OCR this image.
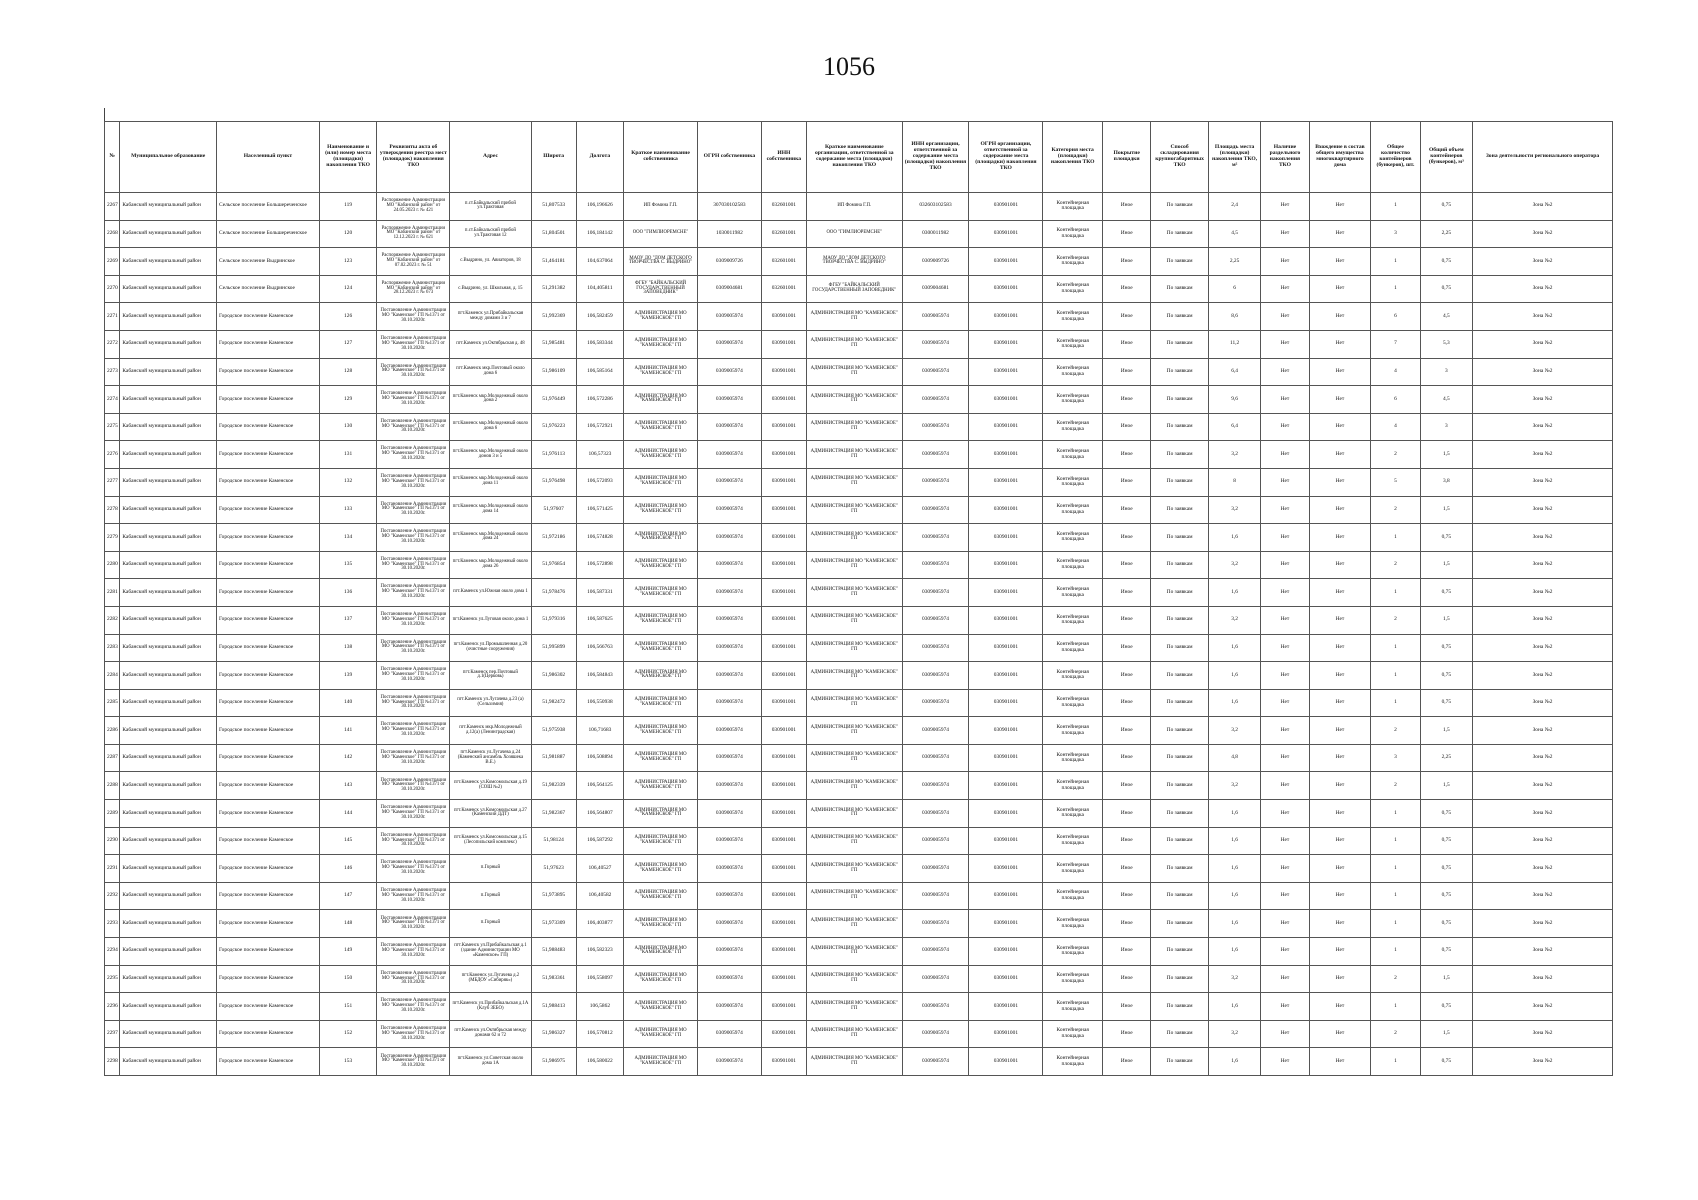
1056
№	Муниципальное образование	Населенный пункт	Наименование и (или) номер места (площадки) накопления ТКО	Реквизиты акта об утверждении реестра мест (площадок) накопления ТКО	Адрес	Широта	Долгота	Краткое наименование собственника	ОГРН собственника	ИНН собственника	Краткое наименование организации, ответственной за содержание места (площадки) накопления ТКО	ИНН организации, ответственной за содержание места (площадки) накопления ТКО	ОГРН организации, ответственной за содержание места (площадки) накопления ТКО	Категория места (площадки) накопления ТКО	Покрытие площадки	Способ складирования крупногабаритных ТКО	Площадь места (площадки) накопления ТКО, м²	Наличие раздельного накопления ТКО	Вхождение в состав общего имущества многоквартирного дома	Общее количество контейнеров (бункеров), шт.	Общий объем контейнеров (бункеров), м³	Зона деятельности регионального оператора
2267	Кабанский муниципальный район	Сельское поселение Большереченское	119	Распоряжение Администрации МО "Кабанский район" от 24.05.2023 г. № 421	п.ст.Байкальский прибой ул.Трактовая	51,807533	106,196626	ИП Фомина Г.П.	307030102583	032601001	ИП Фомина Г.П.	032603102583	030901001	Контейнерная площадка	Иное	По заявкам	2,4	Нет	Нет	1	0,75	Зона №2
2268	Кабанский муниципальный район	Сельское поселение Большереченское	120	Распоряжение Администрации МО "Кабанский район" от 12.12.2023 г. № 621	п.ст.Байкальский прибой ул.Трактовая 12	51,804501	106,184142	ООО "ГИМЛИОРЕМСНЕ"	1030011982	032601001	ООО "ГИМЛИОРЕМСНЕ"	0300011982	030901001	Контейнерная площадка	Иное	По заявкам	4,5	Нет	Нет	3	2,25	Зона №2
2269	Кабанский муниципальный район	Сельское поселение Выдринское	123	Распоряжение Администрации МО "Кабанский район" от 07.02.2023 г. № 51	с.Выдрино, ул. Авиаторов, 18	51,464181	104,637064	МАОУ ДО "ДОМ ДЕТСКОГО ТВОРЧЕСТВА С. ВЫДРИНО"	0309009726	032601001	МАОУ ДО "ДОМ ДЕТСКОГО ТВОРЧЕСТВА С. ВЫДРИНО"	0309009726	030901001	Контейнерная площадка	Иное	По заявкам	2,25	Нет	Нет	1	0,75	Зона №2
2270	Кабанский муниципальный район	Сельское поселение Выдринское	124	Распоряжение Администрации МО "Кабанский район" от 28.12.2023 г. № 673	с.Выдрино, ул. Школьная, д. 15	51,291382	104,405811	ФГБУ "БАЙКАЛЬСКИЙ ГОСУДАРСТВЕННЫЙ ЗАПОВЕДНИК"	0309004681	032601001	ФГБУ "БАЙКАЛЬСКИЙ ГОСУДАРСТВЕННЫЙ ЗАПОВЕДНИК"	0309004681	030901001	Контейнерная площадка	Иное	По заявкам	6	Нет	Нет	1	0,75	Зона №2
2271	Кабанский муниципальный район	Городское поселение Каменское	126	Постановление Администрации МО "Каменское" ГП №1371 от 30.10.2020г.	пгт.Каменск ул.Прибайкальская между домами 3 и 7	51,992369	106,582459	АДМИНИСТРАЦИЯ МО "КАМЕНСКОЕ" ГП	0309005974	030901001	АДМИНИСТРАЦИЯ МО "КАМЕНСКОЕ" ГП	0309005974	030901001	Контейнерная площадка	Иное	По заявкам	8,6	Нет	Нет	6	4,5	Зона №2
2272	Кабанский муниципальный район	Городское поселение Каменское	127	Постановление Администрации МО "Каменское" ГП №1371 от 30.10.2020г.	пгт.Каменск ул.Октябрьская д. 48	51,985481	106,583344	АДМИНИСТРАЦИЯ МО "КАМЕНСКОЕ" ГП	0309005974	030901001	АДМИНИСТРАЦИЯ МО "КАМЕНСКОЕ" ГП	0309005974	030901001	Контейнерная площадка	Иное	По заявкам	11,2	Нет	Нет	7	5,3	Зона №2
2273	Кабанский муниципальный район	Городское поселение Каменское	128	Постановление Администрации МО "Каменское" ГП №1371 от 30.10.2020г.	пгт.Каменск мкр.Почтовый около дома 6	51,986109	106,585164	АДМИНИСТРАЦИЯ МО "КАМЕНСКОЕ" ГП	0309005974	030901001	АДМИНИСТРАЦИЯ МО "КАМЕНСКОЕ" ГП	0309005974	030901001	Контейнерная площадка	Иное	По заявкам	6,4	Нет	Нет	4	3	Зона №2
2274	Кабанский муниципальный район	Городское поселение Каменское	129	Постановление Администрации МО "Каменское" ГП №1371 от 30.10.2020г.	пгт.Каменск мкр.Молодежный около дома 2	51,976449	106,572286	АДМИНИСТРАЦИЯ МО "КАМЕНСКОЕ" ГП	0309005974	030901001	АДМИНИСТРАЦИЯ МО "КАМЕНСКОЕ" ГП	0309005974	030901001	Контейнерная площадка	Иное	По заявкам	9,6	Нет	Нет	6	4,5	Зона №2
2275	Кабанский муниципальный район	Городское поселение Каменское	130	Постановление Администрации МО "Каменское" ГП №1371 от 30.10.2020г.	пгт.Каменск мкр.Молодежный около дома 6	51,976223	106,572921	АДМИНИСТРАЦИЯ МО "КАМЕНСКОЕ" ГП	0309005974	030901001	АДМИНИСТРАЦИЯ МО "КАМЕНСКОЕ" ГП	0309005974	030901001	Контейнерная площадка	Иное	По заявкам	6,4	Нет	Нет	4	3	Зона №2
2276	Кабанский муниципальный район	Городское поселение Каменское	131	Постановление Администрации МО "Каменское" ГП №1371 от 30.10.2020г.	пгт.Каменск мкр.Молодежный около домов 3 и 5	51,976113	106,57323	АДМИНИСТРАЦИЯ МО "КАМЕНСКОЕ" ГП	0309005974	030901001	АДМИНИСТРАЦИЯ МО "КАМЕНСКОЕ" ГП	0309005974	030901001	Контейнерная площадка	Иное	По заявкам	3,2	Нет	Нет	2	1,5	Зона №2
2277	Кабанский муниципальный район	Городское поселение Каменское	132	Постановление Администрации МО "Каменское" ГП №1371 от 30.10.2020г.	пгт.Каменск мкр.Молодежный около дома 11	51,976498	106,572093	АДМИНИСТРАЦИЯ МО "КАМЕНСКОЕ" ГП	0309005974	030901001	АДМИНИСТРАЦИЯ МО "КАМЕНСКОЕ" ГП	0309005974	030901001	Контейнерная площадка	Иное	По заявкам	8	Нет	Нет	5	3,8	Зона №2
2278	Кабанский муниципальный район	Городское поселение Каменское	133	Постановление Администрации МО "Каменское" ГП №1371 от 30.10.2020г.	пгт.Каменск мкр.Молодежный около дома 14	51,97607	106,571425	АДМИНИСТРАЦИЯ МО "КАМЕНСКОЕ" ГП	0309005974	030901001	АДМИНИСТРАЦИЯ МО "КАМЕНСКОЕ" ГП	0309005974	030901001	Контейнерная площадка	Иное	По заявкам	3,2	Нет	Нет	2	1,5	Зона №2
2279	Кабанский муниципальный район	Городское поселение Каменское	134	Постановление Администрации МО "Каменское" ГП №1371 от 30.10.2020г.	пгт.Каменск мкр.Молодежный около дома 24	51,972186	106,574828	АДМИНИСТРАЦИЯ МО "КАМЕНСКОЕ" ГП	0309005974	030901001	АДМИНИСТРАЦИЯ МО "КАМЕНСКОЕ" ГП	0309005974	030901001	Контейнерная площадка	Иное	По заявкам	1,6	Нет	Нет	1	0,75	Зона №2
2280	Кабанский муниципальный район	Городское поселение Каменское	135	Постановление Администрации МО "Каменское" ГП №1371 от 30.10.2020г.	пгт.Каменск мкр.Молодежный около дома 26	51,976854	106,572898	АДМИНИСТРАЦИЯ МО "КАМЕНСКОЕ" ГП	0309005974	030901001	АДМИНИСТРАЦИЯ МО "КАМЕНСКОЕ" ГП	0309005974	030901001	Контейнерная площадка	Иное	По заявкам	3,2	Нет	Нет	2	1,5	Зона №2
2281	Кабанский муниципальный район	Городское поселение Каменское	136	Постановление Администрации МО "Каменское" ГП №1371 от 30.10.2020г.	пгт.Каменск ул.Южная около дома 1	51,978476	106,587331	АДМИНИСТРАЦИЯ МО "КАМЕНСКОЕ" ГП	0309005974	030901001	АДМИНИСТРАЦИЯ МО "КАМЕНСКОЕ" ГП	0309005974	030901001	Контейнерная площадка	Иное	По заявкам	1,6	Нет	Нет	1	0,75	Зона №2
2282	Кабанский муниципальный район	Городское поселение Каменское	137	Постановление Администрации МО "Каменское" ГП №1371 от 30.10.2020г.	пгт.Каменск ул.Луговая около дома 1	51,979316	106,587625	АДМИНИСТРАЦИЯ МО "КАМЕНСКОЕ" ГП	0309005974	030901001	АДМИНИСТРАЦИЯ МО "КАМЕНСКОЕ" ГП	0309005974	030901001	Контейнерная площадка	Иное	По заявкам	3,2	Нет	Нет	2	1,5	Зона №2
2283	Кабанский муниципальный район	Городское поселение Каменское	138	Постановление Администрации МО "Каменское" ГП №1371 от 30.10.2020г.	пгт.Каменск ул.Промышленная д.20 (очистные сооружения)	51,995899	106,566763	АДМИНИСТРАЦИЯ МО "КАМЕНСКОЕ" ГП	0309005974	030901001	АДМИНИСТРАЦИЯ МО "КАМЕНСКОЕ" ГП	0309005974	030901001	Контейнерная площадка	Иное	По заявкам	1,6	Нет	Нет	1	0,75	Зона №2
2284	Кабанский муниципальный район	Городское поселение Каменское	139	Постановление Администрации МО "Каменское" ГП №1371 от 30.10.2020г.	пгт.Каменск пер.Почтовый д.1(Церковь)	51,986302	106,584843	АДМИНИСТРАЦИЯ МО "КАМЕНСКОЕ" ГП	0309005974	030901001	АДМИНИСТРАЦИЯ МО "КАМЕНСКОЕ" ГП	0309005974	030901001	Контейнерная площадка	Иное	По заявкам	1,6	Нет	Нет	1	0,75	Зона №2
2285	Кабанский муниципальный район	Городское поселение Каменское	140	Постановление Администрации МО "Каменское" ГП №1371 от 30.10.2020г.	пгт.Каменск ул.Лугачева д.23 (а)(Сельхимия)	51,982472	106,550938	АДМИНИСТРАЦИЯ МО "КАМЕНСКОЕ" ГП	0309005974	030901001	АДМИНИСТРАЦИЯ МО "КАМЕНСКОЕ" ГП	0309005974	030901001	Контейнерная площадка	Иное	По заявкам	1,6	Нет	Нет	1	0,75	Зона №2
2286	Кабанский муниципальный район	Городское поселение Каменское	141	Постановление Администрации МО "Каменское" ГП №1371 от 30.10.2020г.	пгт.Каменск мкр.Молодежный д.12(а) (Ленинградская)	51,975938	106,71683	АДМИНИСТРАЦИЯ МО "КАМЕНСКОЕ" ГП	0309005974	030901001	АДМИНИСТРАЦИЯ МО "КАМЕНСКОЕ" ГП	0309005974	030901001	Контейнерная площадка	Иное	По заявкам	3,2	Нет	Нет	2	1,5	Зона №2
2287	Кабанский муниципальный район	Городское поселение Каменское	142	Постановление Администрации МО "Каменское" ГП №1371 от 30.10.2020г.	пгт.Каменск ул.Лугачева д.24 (Каменский ансамбль Хозяшека B.Е.)	51,981887	106,508894	АДМИНИСТРАЦИЯ МО "КАМЕНСКОЕ" ГП	0309005974	030901001	АДМИНИСТРАЦИЯ МО "КАМЕНСКОЕ" ГП	0309005974	030901001	Контейнерная площадка	Иное	По заявкам	4,8	Нет	Нет	3	2,25	Зона №2
2288	Кабанский муниципальный район	Городское поселение Каменское	143	Постановление Администрации МО "Каменское" ГП №1371 от 30.10.2020г.	пгт.Каменск ул.Комсомольская д.19 (СОШ №2)	51,982339	106,564125	АДМИНИСТРАЦИЯ МО "КАМЕНСКОЕ" ГП	0309005974	030901001	АДМИНИСТРАЦИЯ МО "КАМЕНСКОЕ" ГП	0309005974	030901001	Контейнерная площадка	Иное	По заявкам	3,2	Нет	Нет	2	1,5	Зона №2
2289	Кабанский муниципальный район	Городское поселение Каменское	144	Постановление Администрации МО "Каменское" ГП №1371 от 30.10.2020г.	пгт.Каменск ул.Комсомольская д.27 (Каменский ДДТ)	51,982367	106,564807	АДМИНИСТРАЦИЯ МО "КАМЕНСКОЕ" ГП	0309005974	030901001	АДМИНИСТРАЦИЯ МО "КАМЕНСКОЕ" ГП	0309005974	030901001	Контейнерная площадка	Иное	По заявкам	1,6	Нет	Нет	1	0,75	Зона №2
2290	Кабанский муниципальный район	Городское поселение Каменское	145	Постановление Администрации МО "Каменское" ГП №1371 от 30.10.2020г.	пгт.Каменск ул.Комсомольская д.15 (Лесопильский комплекс)	51,98124	106,587292	АДМИНИСТРАЦИЯ МО "КАМЕНСКОЕ" ГП	0309005974	030901001	АДМИНИСТРАЦИЯ МО "КАМЕНСКОЕ" ГП	0309005974	030901001	Контейнерная площадка	Иное	По заявкам	1,6	Нет	Нет	1	0,75	Зона №2
2291	Кабанский муниципальный район	Городское поселение Каменское	146	Постановление Администрации МО "Каменское" ГП №1371 от 30.10.2020г.	п.Горный	51,97623	106,40527	АДМИНИСТРАЦИЯ МО "КАМЕНСКОЕ" ГП	0309005974	030901001	АДМИНИСТРАЦИЯ МО "КАМЕНСКОЕ" ГП	0309005974	030901001	Контейнерная площадка	Иное	По заявкам	1,6	Нет	Нет	1	0,75	Зона №2
2292	Кабанский муниципальный район	Городское поселение Каменское	147	Постановление Администрации МО "Каменское" ГП №1371 от 30.10.2020г.	п.Горный	51,973895	106,40582	АДМИНИСТРАЦИЯ МО "КАМЕНСКОЕ" ГП	0309005974	030901001	АДМИНИСТРАЦИЯ МО "КАМЕНСКОЕ" ГП	0309005974	030901001	Контейнерная площадка	Иное	По заявкам	1,6	Нет	Нет	1	0,75	Зона №2
2293	Кабанский муниципальный район	Городское поселение Каменское	148	Постановление Администрации МО "Каменское" ГП №1371 от 30.10.2020г.	п.Горный	51,973309	106,403877	АДМИНИСТРАЦИЯ МО "КАМЕНСКОЕ" ГП	0309005974	030901001	АДМИНИСТРАЦИЯ МО "КАМЕНСКОЕ" ГП	0309005974	030901001	Контейнерная площадка	Иное	По заявкам	1,6	Нет	Нет	1	0,75	Зона №2
2294	Кабанский муниципальный район	Городское поселение Каменское	149	Постановление Администрации МО "Каменское" ГП №1371 от 30.10.2020г.	пгт.Каменск ул.Прибайкальская д.1 (здание Администрации МО «Каменское» ГП)	51,988483	106,582323	АДМИНИСТРАЦИЯ МО "КАМЕНСКОЕ" ГП	0309005974	030901001	АДМИНИСТРАЦИЯ МО "КАМЕНСКОЕ" ГП	0309005974	030901001	Контейнерная площадка	Иное	По заявкам	1,6	Нет	Нет	1	0,75	Зона №2
2295	Кабанский муниципальный район	Городское поселение Каменское	150	Постановление Администрации МО "Каменское" ГП №1371 от 30.10.2020г.	пгт.Каменск ул.Лугачева д.2 (МБДОУ «Сибиряк»)	51,983361	106,558097	АДМИНИСТРАЦИЯ МО "КАМЕНСКОЕ" ГП	0309005974	030901001	АДМИНИСТРАЦИЯ МО "КАМЕНСКОЕ" ГП	0309005974	030901001	Контейнерная площадка	Иное	По заявкам	3,2	Нет	Нет	2	1,5	Зона №2
2296	Кабанский муниципальный район	Городское поселение Каменское	151	Постановление Администрации МО "Каменское" ГП №1371 от 30.10.2020г.	пгт.Каменск ул.Прибайкальская д.1А (Клуб ЗЕБО)	51,988413	106,5862	АДМИНИСТРАЦИЯ МО "КАМЕНСКОЕ" ГП	0309005974	030901001	АДМИНИСТРАЦИЯ МО "КАМЕНСКОЕ" ГП	0309005974	030901001	Контейнерная площадка	Иное	По заявкам	1,6	Нет	Нет	1	0,75	Зона №2
2297	Кабанский муниципальный район	Городское поселение Каменское	152	Постановление Администрации МО "Каменское" ГП №1371 от 30.10.2020г.	пгт.Каменск ул.Октябрьская между домами 62 и 72	51,986327	106,570812	АДМИНИСТРАЦИЯ МО "КАМЕНСКОЕ" ГП	0309005974	030901001	АДМИНИСТРАЦИЯ МО "КАМЕНСКОЕ" ГП	0309005974	030901001	Контейнерная площадка	Иное	По заявкам	3,2	Нет	Нет	2	1,5	Зона №2
2298	Кабанский муниципальный район	Городское поселение Каменское	153	Постановление Администрации МО "Каменское" ГП №1371 от 30.10.2020г.	пгт.Каменск ул.Советская около дома 1А	51,986975	106,580022	АДМИНИСТРАЦИЯ МО "КАМЕНСКОЕ" ГП	0309005974	030901001	АДМИНИСТРАЦИЯ МО "КАМЕНСКОЕ" ГП	0309005974	030901001	Контейнерная площадка	Иное	По заявкам	1,6	Нет	Нет	1	0,75	Зона №2
